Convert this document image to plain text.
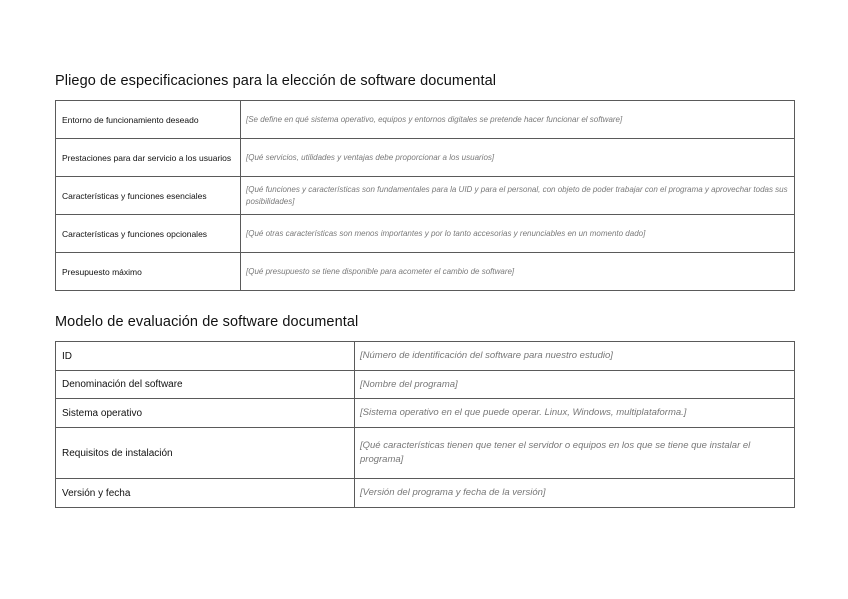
Pliego de especificaciones para la elección de software documental
Entorno de funcionamiento deseado	[Se define en qué sistema operativo, equipos y entornos digitales se pretende hacer funcionar el software]
Prestaciones para dar servicio a los usuarios	[Qué servicios, utilidades y ventajas debe proporcionar a los usuarios]
Características y funciones esenciales	[Qué funciones y características son fundamentales para la UID y para el personal, con objeto de poder trabajar con el programa y aprovechar todas sus posibilidades]
Características y funciones opcionales	[Qué otras características son menos importantes y por lo tanto accesorias y renunciables en un momento dado]
Presupuesto máximo	[Qué presupuesto se tiene disponible para acometer el cambio de software]
Modelo de evaluación de software documental
ID	[Número de identificación del software para nuestro estudio]
Denominación del software	[Nombre del programa]
Sistema operativo	[Sistema operativo en el que puede operar. Linux, Windows, multiplataforma.]
Requisitos de instalación	[Qué características tienen que tener el servidor o equipos en los que se tiene que instalar el programa]
Versión y fecha	[Versión del programa y fecha de la versión]
